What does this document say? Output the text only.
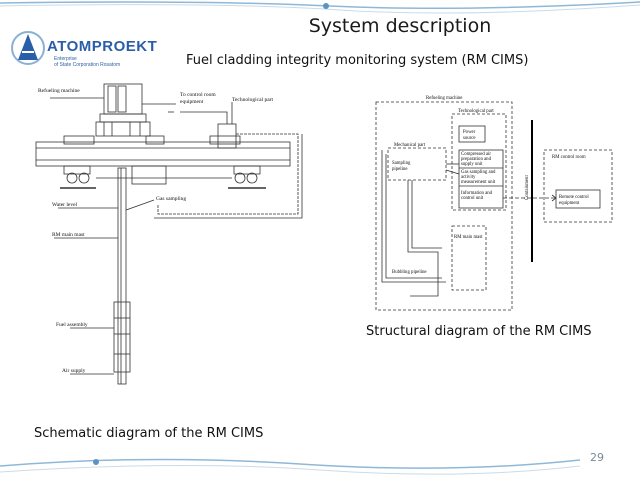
ATOMPROEKT
Enterprise
of State Corporation Rosatom
System description
Fuel cladding integrity monitoring system (RM CIMS)
Refueling machine
To control room
equipment	Technological part
Water level
Gas sampling
RM main mast
Fuel assembly
Air supply
Refueling machine
Technological part
Mechanical part
Power
source
Compressed air
preparation and
supply unit
Gas sampling and
activity
measurement unit
Information and
control unit
Sampling
pipeline
RM main mast
Bubbling pipeline
RM control room
Remote control
equipment
Containment
Structural diagram of the RM CIMS
Schematic diagram of the RM CIMS
29
